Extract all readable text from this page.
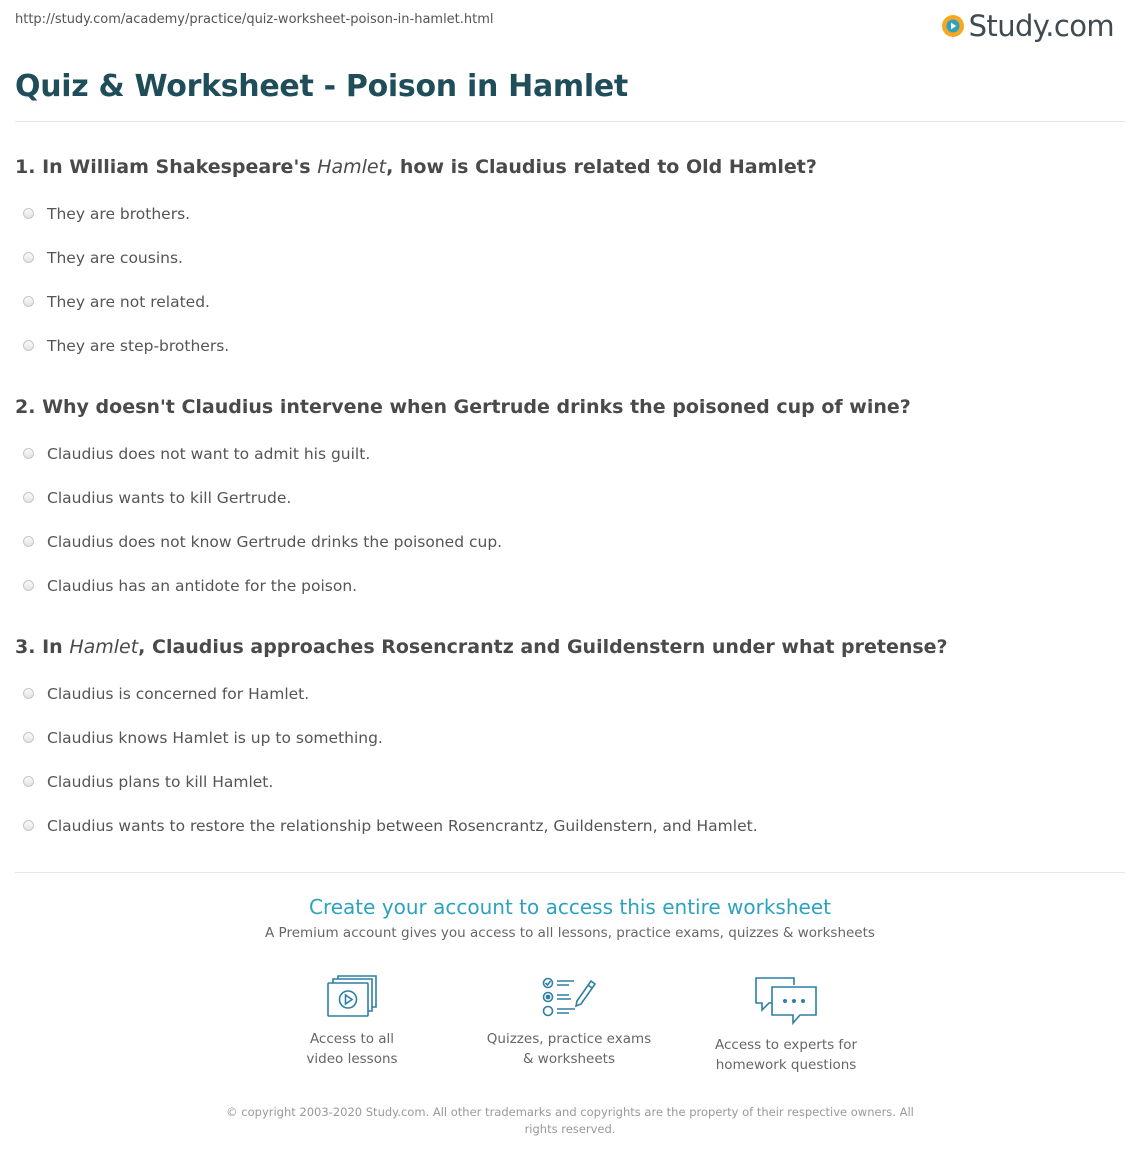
http://study.com/academy/practice/quiz-worksheet-poison-in-hamlet.html	Study.com
Quiz & Worksheet - Poison in Hamlet

1. In William Shakespeare's Hamlet, how is Claudius related to Old Hamlet?

They are brothers.
They are cousins.
They are not related.
They are step-brothers.

2. Why doesn't Claudius intervene when Gertrude drinks the poisoned cup of wine?

Claudius does not want to admit his guilt.
Claudius wants to kill Gertrude.
Claudius does not know Gertrude drinks the poisoned cup.
Claudius has an antidote for the poison.

3. In Hamlet, Claudius approaches Rosencrantz and Guildenstern under what pretense?

Claudius is concerned for Hamlet.
Claudius knows Hamlet is up to something.
Claudius plans to kill Hamlet.
Claudius wants to restore the relationship between Rosencrantz, Guildenstern, and Hamlet.

Create your account to access this entire worksheet

A Premium account gives you access to all lessons, practice exams, quizzes & worksheets
Access to all
video lessons
Quizzes, practice exams
& worksheets
Access to experts for
homework questions
© copyright 2003-2020 Study.com. All other trademarks and copyrights are the property of their respective owners. All rights reserved.
